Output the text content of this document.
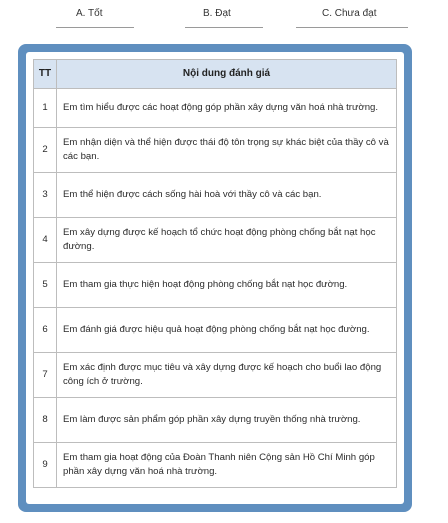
A. Tốt	B. Đạt	C. Chưa đạt
TT	Nội dung đánh giá
1	Em tìm hiểu được các hoạt động góp phần xây dựng văn hoá nhà trường.
2	Em nhận diện và thể hiện được thái độ tôn trọng sự khác biệt của thầy cô và các bạn.
3	Em thể hiện được cách sống hài hoà với thầy cô và các bạn.
4	Em xây dựng được kế hoạch tổ chức hoạt động phòng chống bắt nạt học đường.
5	Em tham gia thực hiện hoạt động phòng chống bắt nạt học đường.
6	Em đánh giá được hiệu quả hoạt động phòng chống bắt nạt học đường.
7	Em xác định được mục tiêu và xây dựng được kế hoạch cho buổi lao động công ích ở trường.
8	Em làm được sản phẩm góp phần xây dựng truyền thống nhà trường.
9	Em tham gia hoạt động của Đoàn Thanh niên Cộng sản Hồ Chí Minh góp phần xây dựng văn hoá nhà trường.
